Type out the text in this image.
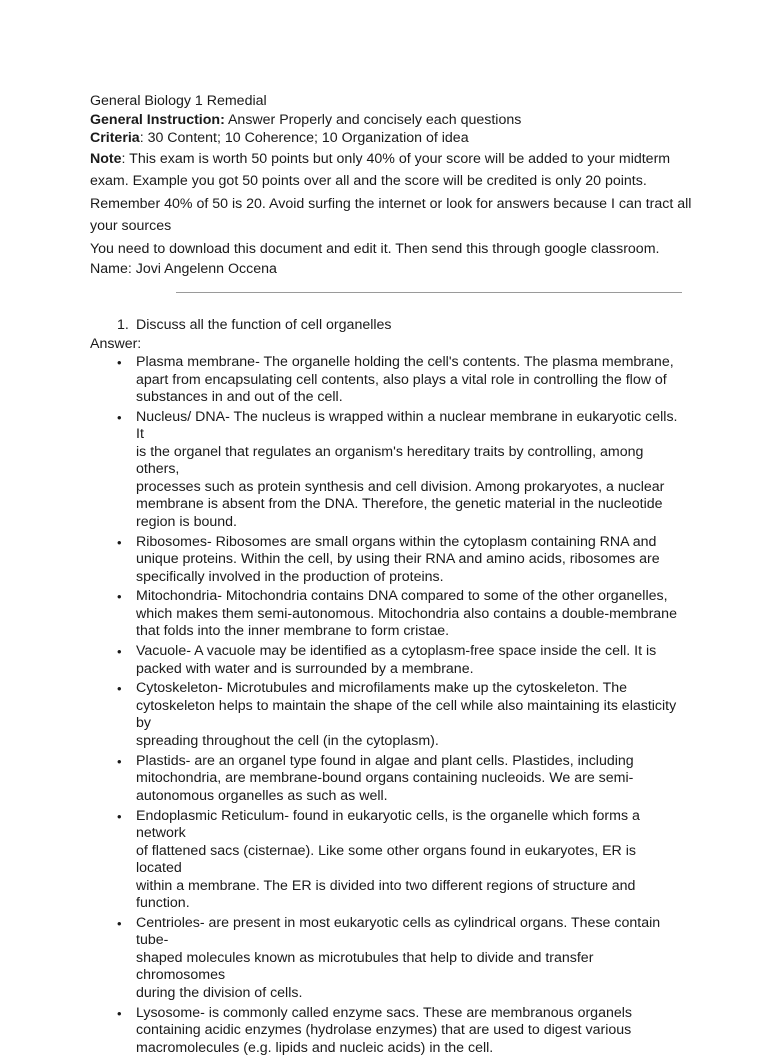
General Biology 1 Remedial
General Instruction: Answer Properly and concisely each questions
Criteria: 30 Content; 10 Coherence; 10 Organization of idea
Note: This exam is worth 50 points but only 40% of your score will be added to your midterm
exam. Example you got 50 points over all and the score will be credited is only 20 points.
Remember 40% of 50 is 20. Avoid surfing the internet or look for answers because I can tract all
your sources
You need to download this document and edit it. Then send this through google classroom.
Name: Jovi Angelenn Occena
1. Discuss all the function of cell organelles
Answer:
• Plasma membrane- The organelle holding the cell's contents. The plasma membrane,
apart from encapsulating cell contents, also plays a vital role in controlling the flow of
substances in and out of the cell.
• Nucleus/ DNA- The nucleus is wrapped within a nuclear membrane in eukaryotic cells. It
is the organel that regulates an organism's hereditary traits by controlling, among others,
processes such as protein synthesis and cell division. Among prokaryotes, a nuclear
membrane is absent from the DNA. Therefore, the genetic material in the nucleotide
region is bound.
• Ribosomes- Ribosomes are small organs within the cytoplasm containing RNA and
unique proteins. Within the cell, by using their RNA and amino acids, ribosomes are
specifically involved in the production of proteins.
• Mitochondria- Mitochondria contains DNA compared to some of the other organelles,
which makes them semi-autonomous. Mitochondria also contains a double-membrane
that folds into the inner membrane to form cristae.
• Vacuole- A vacuole may be identified as a cytoplasm-free space inside the cell. It is
packed with water and is surrounded by a membrane.
• Cytoskeleton- Microtubules and microfilaments make up the cytoskeleton. The
cytoskeleton helps to maintain the shape of the cell while also maintaining its elasticity by
spreading throughout the cell (in the cytoplasm).
• Plastids- are an organel type found in algae and plant cells. Plastides, including
mitochondria, are membrane-bound organs containing nucleoids. We are semi-
autonomous organelles as such as well.
• Endoplasmic Reticulum- found in eukaryotic cells, is the organelle which forms a network
of flattened sacs (cisternae). Like some other organs found in eukaryotes, ER is located
within a membrane. The ER is divided into two different regions of structure and function.
• Centrioles- are present in most eukaryotic cells as cylindrical organs. These contain tube-
shaped molecules known as microtubules that help to divide and transfer chromosomes
during the division of cells.
• Lysosome- is commonly called enzyme sacs. These are membranous organels
containing acidic enzymes (hydrolase enzymes) that are used to digest various
macromolecules (e.g. lipids and nucleic acids) in the cell.
